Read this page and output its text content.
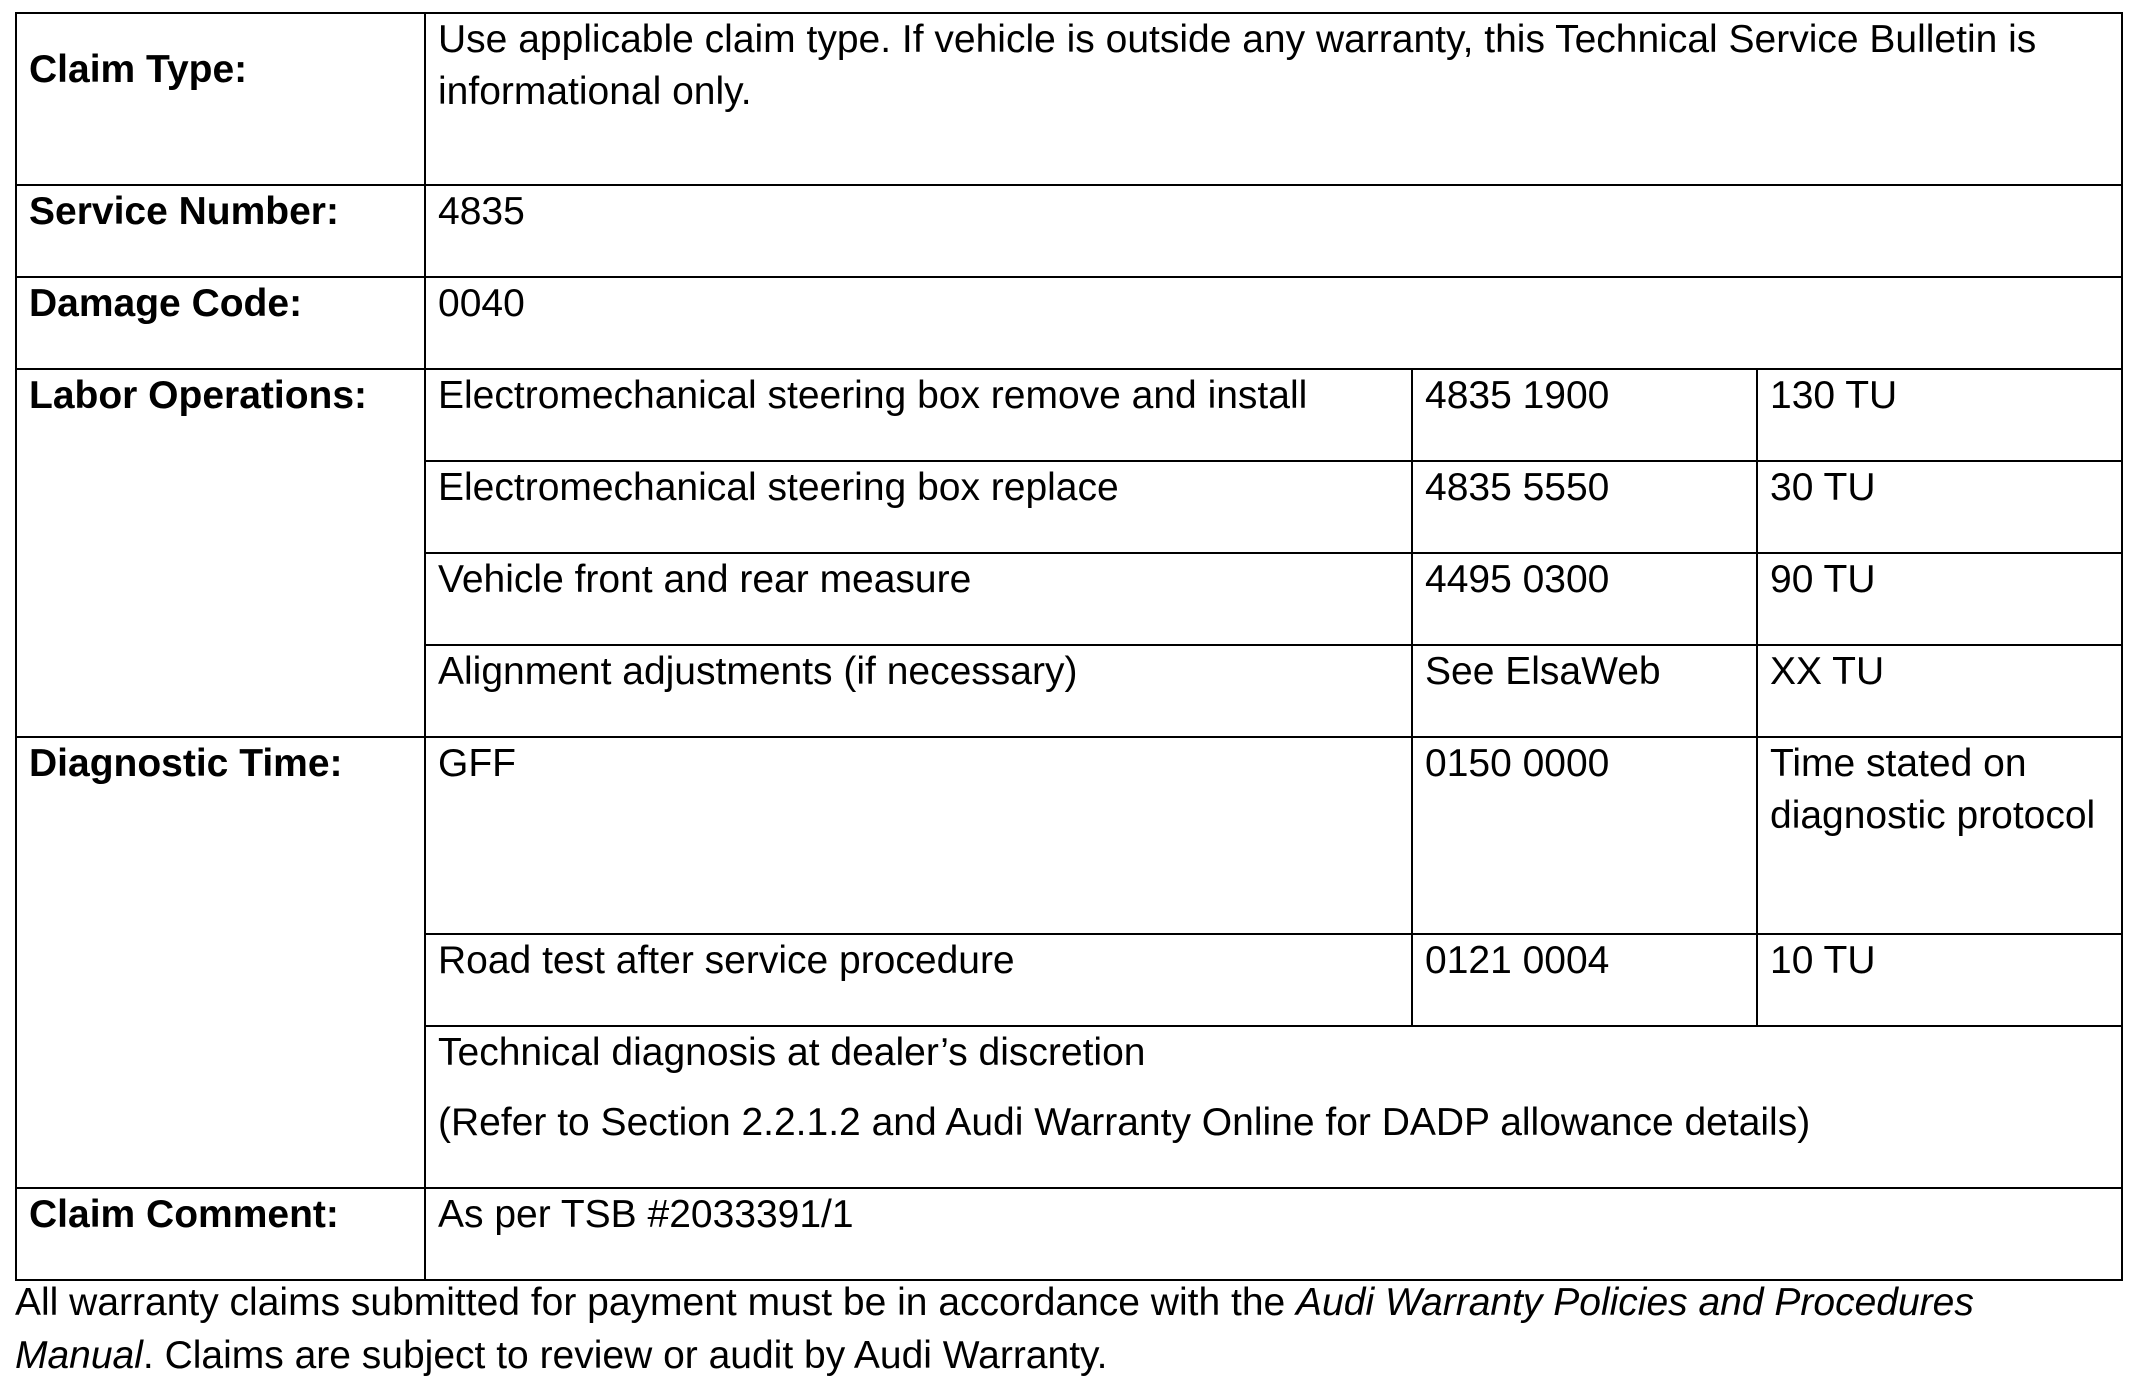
Claim Type:	Use applicable claim type. If vehicle is outside any warranty, this Technical Service Bulletin is informational only.		
Service Number:	4835		
Damage Code:	0040		
Labor Operations:	Electromechanical steering box remove and install	4835 1900	130 TU
	Electromechanical steering box replace	4835 5550	30 TU
	Vehicle front and rear measure	4495 0300	90 TU
	Alignment adjustments (if necessary)	See ElsaWeb	XX TU
Diagnostic Time:	GFF	0150 0000	Time stated on diagnostic protocol
	Road test after service procedure	0121 0004	10 TU
	Technical diagnosis at dealer’s discretion
(Refer to Section 2.2.1.2 and Audi Warranty Online for DADP allowance details)		

Claim Comment:	As per TSB #2033391/1		
All warranty claims submitted for payment must be in accordance with the Audi Warranty Policies and Procedures Manual. Claims are subject to review or audit by Audi Warranty.
